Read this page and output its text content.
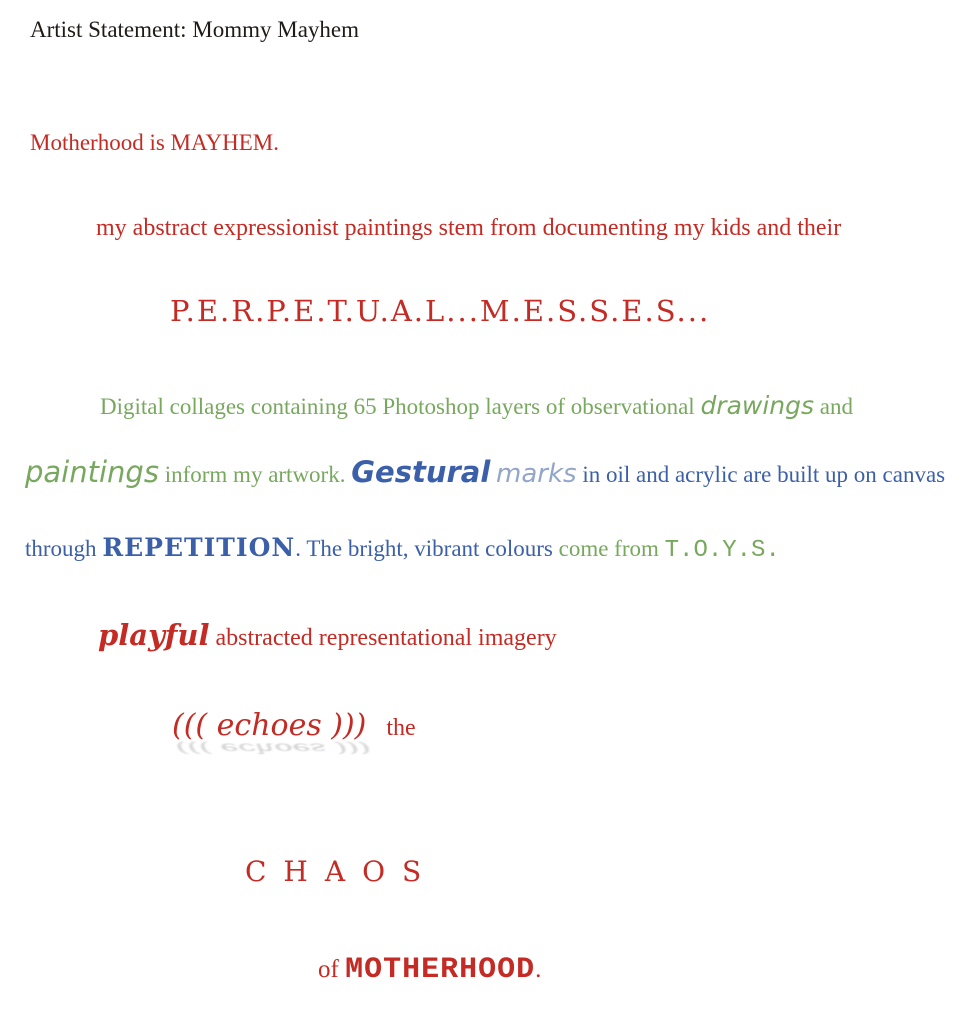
Artist Statement: Mommy Mayhem
Motherhood is MAYHEM.
my abstract expressionist paintings stem from documenting my kids and their
P.E.R.P.E.T.U.A.L...M.E.S.S.E.S...
Digital collages containing 65 Photoshop layers of observational drawings and
paintings inform my artwork. Gestural marks in oil and acrylic are built up on canvas
through REPETITION. The bright, vibrant colours come from T.O.Y.S.
playful abstracted representational imagery
((( echoes )))
((( echoes )))
the
CHAOS
of MOTHERHOOD.
